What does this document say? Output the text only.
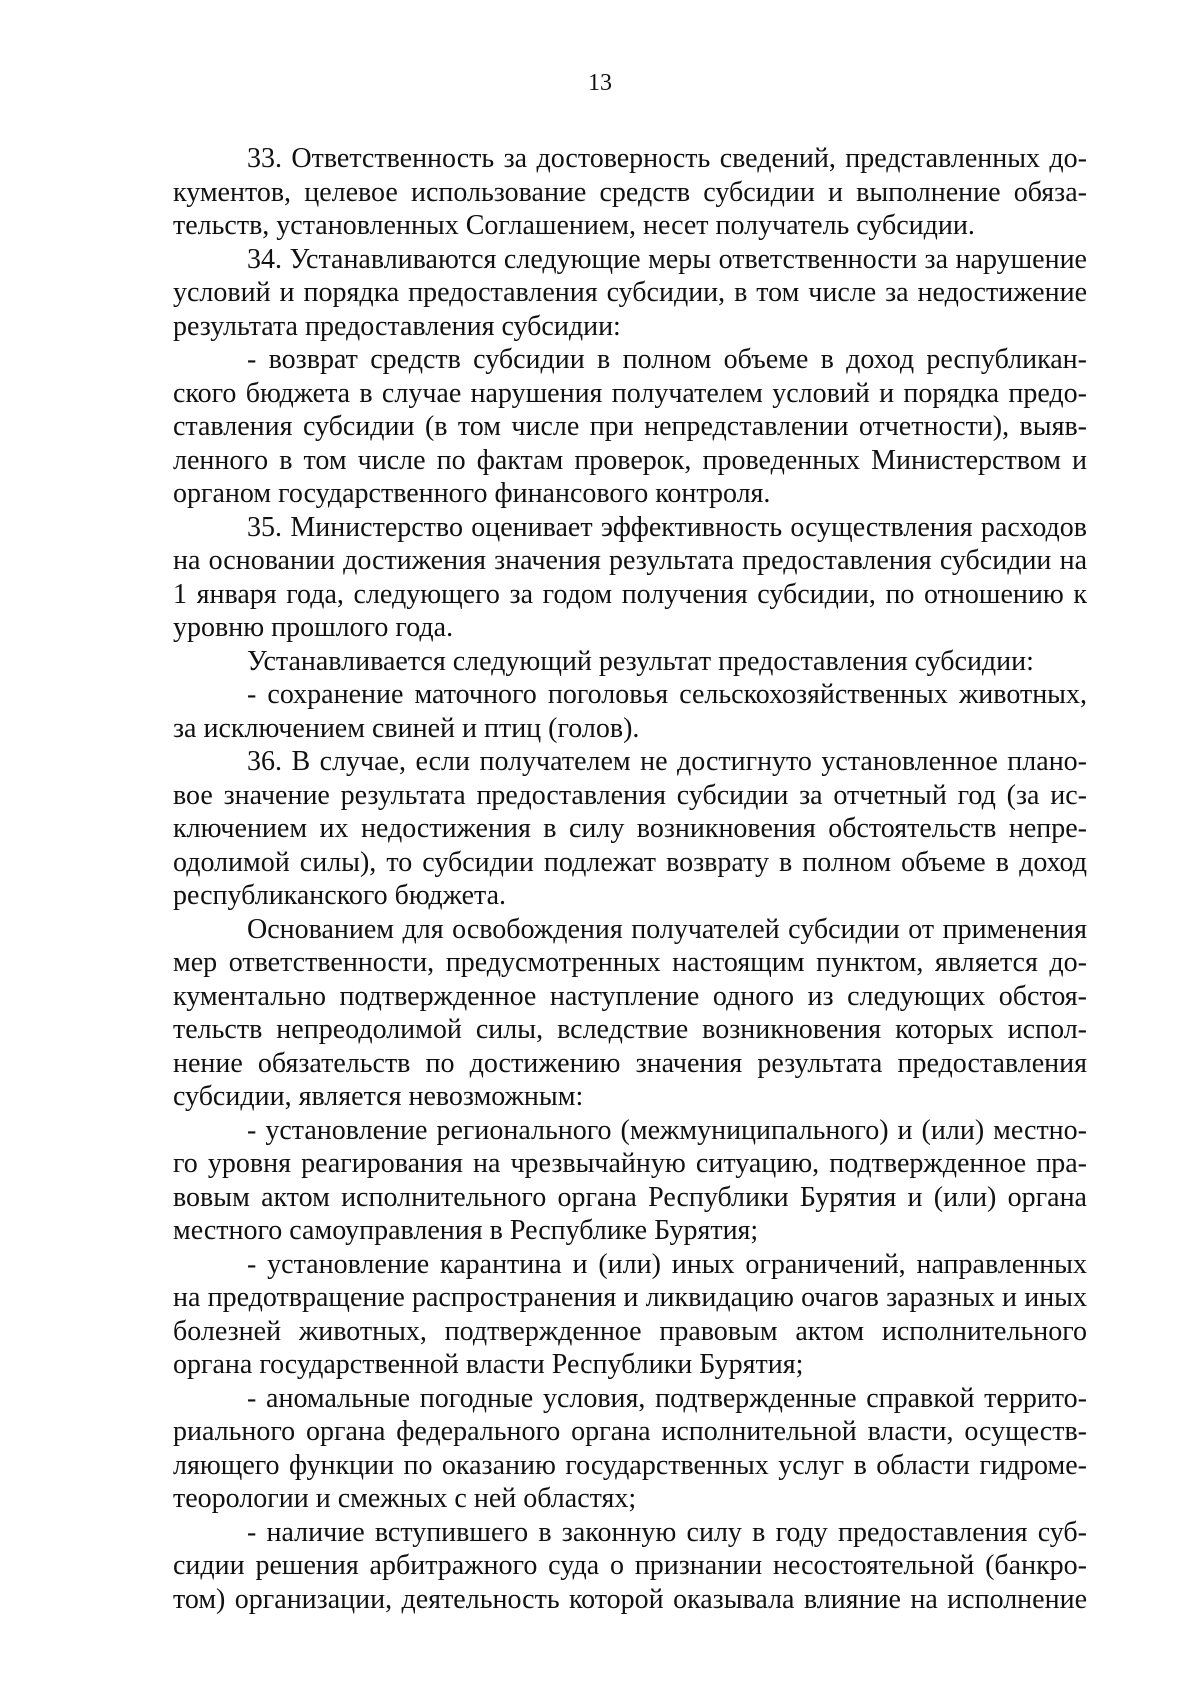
13

33. Ответственность за достоверность сведений, представленных документов, целевое использование средств субсидии и выполнение обязательств, установленных Соглашением, несет получатель субсидии.

34. Устанавливаются следующие меры ответственности за нарушение условий и порядка предоставления субсидии, в том числе за недостижение результата предоставления субсидии:

- возврат средств субсидии в полном объеме в доход республиканского бюджета в случае нарушения получателем условий и порядка предоставления субсидии (в том числе при непредставлении отчетности), выявленного в том числе по фактам проверок, проведенных Министерством и органом государственного финансового контроля.

35. Министерство оценивает эффективность осуществления расходов на основании достижения значения результата предоставления субсидии на 1 января года, следующего за годом получения субсидии, по отношению к уровню прошлого года.

Устанавливается следующий результат предоставления субсидии:

- сохранение маточного поголовья сельскохозяйственных животных, за исключением свиней и птиц (голов).

36. В случае, если получателем не достигнуто установленное плановое значение результата предоставления субсидии за отчетный год (за исключением их недостижения в силу возникновения обстоятельств непреодолимой силы), то субсидии подлежат возврату в полном объеме в доход республиканского бюджета.

Основанием для освобождения получателей субсидии от применения мер ответственности, предусмотренных настоящим пунктом, является документально подтвержденное наступление одного из следующих обстоятельств непреодолимой силы, вследствие возникновения которых исполнение обязательств по достижению значения результата предоставления субсидии, является невозможным:

- установление регионального (межмуниципального) и (или) местного уровня реагирования на чрезвычайную ситуацию, подтвержденное правовым актом исполнительного органа Республики Бурятия и (или) органа местного самоуправления в Республике Бурятия;

- установление карантина и (или) иных ограничений, направленных на предотвращение распространения и ликвидацию очагов заразных и иных болезней животных, подтвержденное правовым актом исполнительного органа государственной власти Республики Бурятия;

- аномальные погодные условия, подтвержденные справкой территориального органа федерального органа исполнительной власти, осуществляющего функции по оказанию государственных услуг в области гидрометеорологии и смежных с ней областях;

- наличие вступившего в законную силу в году предоставления субсидии решения арбитражного суда о признании несостоятельной (банкротом) организации, деятельность которой оказывала влияние на исполнение
